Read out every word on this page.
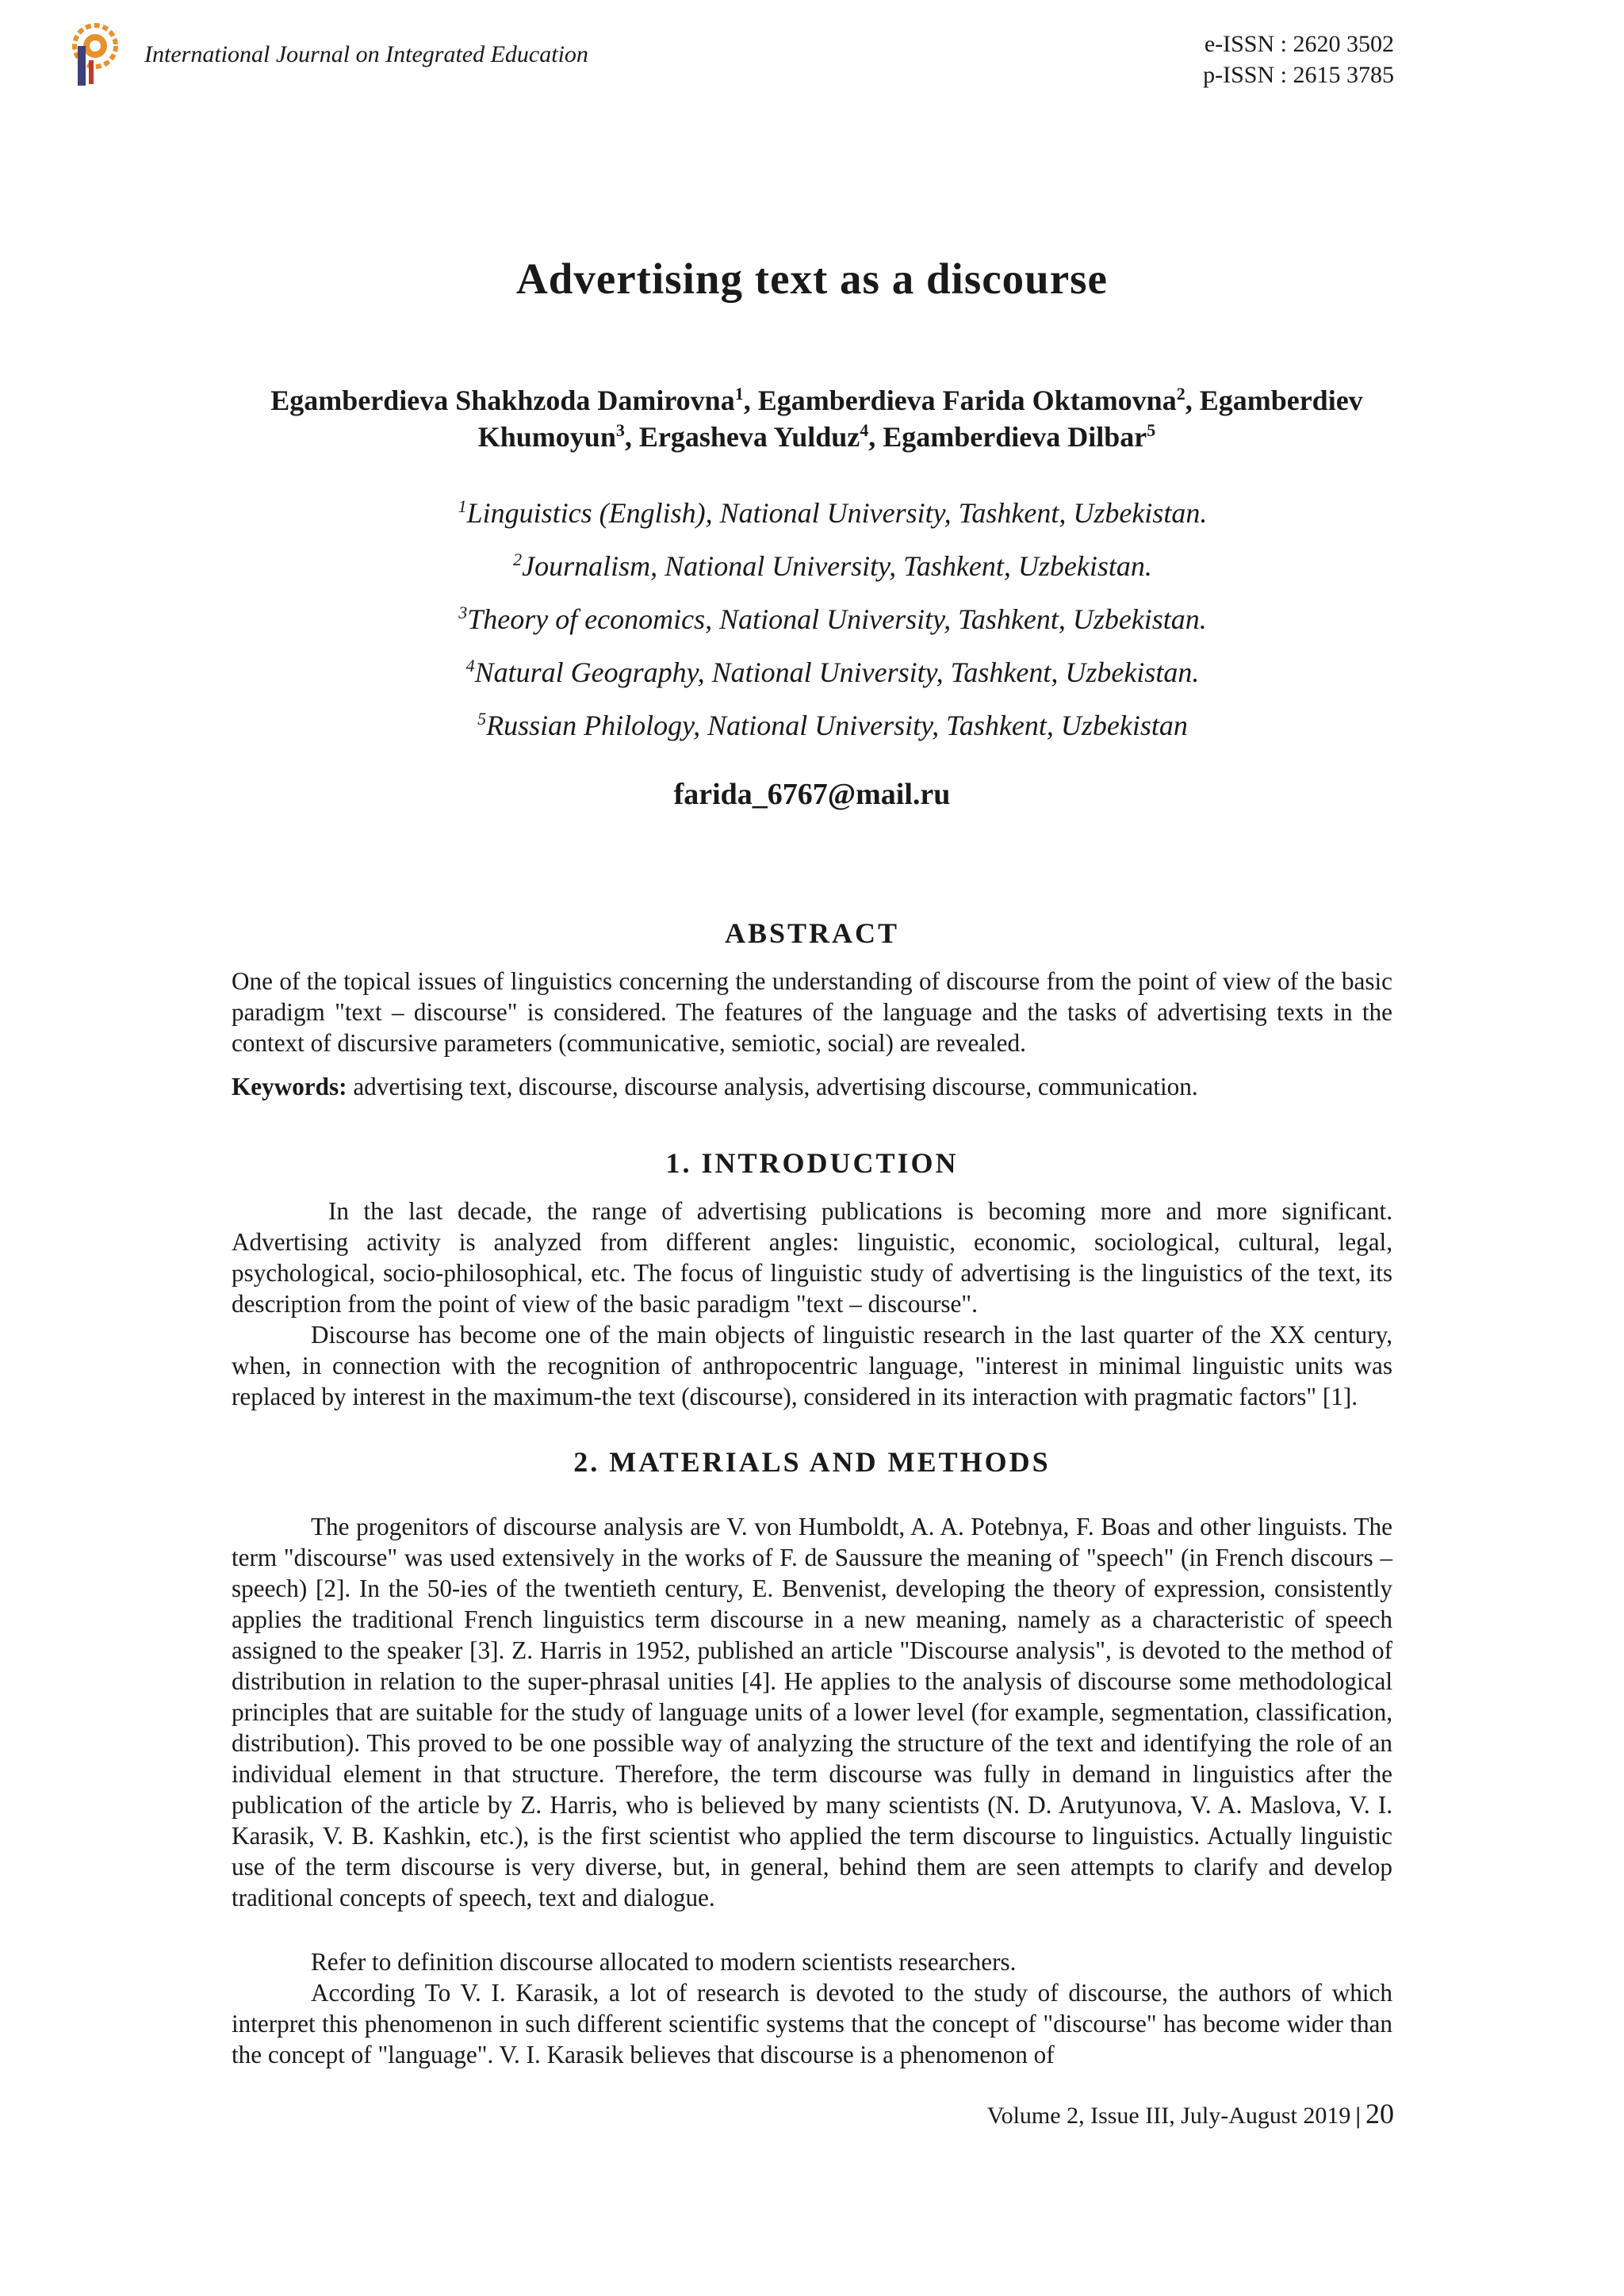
International Journal on Integrated Education	e-ISSN : 2620 3502
p-ISSN : 2615 3785
Advertising text as a discourse
Egamberdieva Shakhzoda Damirovna$^1$, Egamberdieva Farida Oktamovna$^2$, Egamberdiev
Khumoyun$^3$, Ergasheva Yulduz$^4$, Egamberdieva Dilbar$^5$
$^1$Linguistics (English), National University, Tashkent, Uzbekistan.
$^2$Journalism, National University, Tashkent, Uzbekistan.
$^3$Theory of economics, National University, Tashkent, Uzbekistan.
$^4$Natural Geography, National University, Tashkent, Uzbekistan.
$^5$Russian Philology, National University, Tashkent, Uzbekistan
farida_6767@mail.ru
ABSTRACT

One of the topical issues of linguistics concerning the understanding of discourse from the point of view of the basic paradigm "text – discourse" is considered. The features of the language and the tasks of advertising texts in the context of discursive parameters (communicative, semiotic, social) are revealed.

Keywords: advertising text, discourse, discourse analysis, advertising discourse, communication.

1. INTRODUCTION

In the last decade, the range of advertising publications is becoming more and more significant. Advertising activity is analyzed from different angles: linguistic, economic, sociological, cultural, legal, psychological, socio-philosophical, etc. The focus of linguistic study of advertising is the linguistics of the text, its description from the point of view of the basic paradigm "text – discourse".

Discourse has become one of the main objects of linguistic research in the last quarter of the XX century, when, in connection with the recognition of anthropocentric language, "interest in minimal linguistic units was replaced by interest in the maximum-the text (discourse), considered in its interaction with pragmatic factors" [1].

2. MATERIALS AND METHODS

The progenitors of discourse analysis are V. von Humboldt, A. A. Potebnya, F. Boas and other linguists. The term "discourse" was used extensively in the works of F. de Saussure the meaning of "speech" (in French discours – speech) [2]. In the 50-ies of the twentieth century, E. Benvenist, developing the theory of expression, consistently applies the traditional French linguistics term discourse in a new meaning, namely as a characteristic of speech assigned to the speaker [3]. Z. Harris in 1952, published an article "Discourse analysis", is devoted to the method of distribution in relation to the super-phrasal unities [4]. He applies to the analysis of discourse some methodological principles that are suitable for the study of language units of a lower level (for example, segmentation, classification, distribution). This proved to be one possible way of analyzing the structure of the text and identifying the role of an individual element in that structure. Therefore, the term discourse was fully in demand in linguistics after the publication of the article by Z. Harris, who is believed by many scientists (N. D. Arutyunova, V. A. Maslova, V. I. Karasik, V. B. Kashkin, etc.), is the first scientist who applied the term discourse to linguistics. Actually linguistic use of the term discourse is very diverse, but, in general, behind them are seen attempts to clarify and develop traditional concepts of speech, text and dialogue.

Refer to definition discourse allocated to modern scientists researchers.

According To V. I. Karasik, a lot of research is devoted to the study of discourse, the authors of which interpret this phenomenon in such different scientific systems that the concept of "discourse" has become wider than the concept of "language". V. I. Karasik believes that discourse is a phenomenon of

Volume 2, Issue III, July-August 2019 | 20
